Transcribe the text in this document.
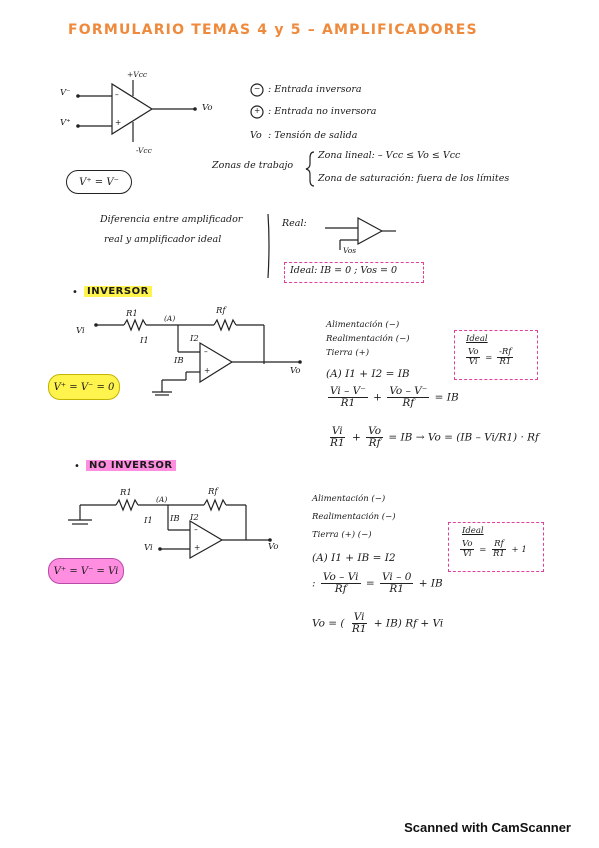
FORMULARIO TEMAS 4 y 5 – AMPLIFICADORES
V⁻
V⁺
–
+
+Vcc
-Vcc
Vo
V⁺ = V⁻
− : Entrada inversora
+ : Entrada no inversora
Vo : Tensión de salida
Zonas de trabajo
Zona lineal: – Vcc ≤ Vo ≤ Vcc
Zona de saturación: fuera de los límites
Diferencia entre amplificador
real y amplificador ideal
Real:
Vos
Ideal: IB = 0 ; Vos = 0
• INVERSOR
R1	Rf
(A)
I1	I2
IB
Vi
Vo
–
+
V⁺ = V⁻ = 0
Alimentación (−)
Realimentación (−)
Tierra (+)
(A) I1 + I2 = IB
$\frac{Vi - V^-}{R1} + \frac{Vo - V^-}{Rf}$ = IB
$\frac{Vi}{R1} + \frac{Vo}{Rf}$ = IB → Vo = (IB – Vi/R1) · Rf
Ideal
$\frac{Vo}{Vi} = \frac{-Rf}{R1}$
• NO INVERSOR
R1	Rf
(A)
I1	I2
IB
Vi	Vo
–
+
V⁺ = V⁻ = Vi
Alimentación (−)
Realimentación (−)
Tierra (+) (−)
(A) I1 + IB = I2
: $\frac{Vo - Vi}{Rf} = \frac{Vi - 0}{R1}$ + IB
Vo = ( $\frac{Vi}{R1} + IB$) Rf + Vi
Ideal
$\frac{Vo}{Vi} = \frac{Rf}{R1} + 1$
Scanned with CamScanner
